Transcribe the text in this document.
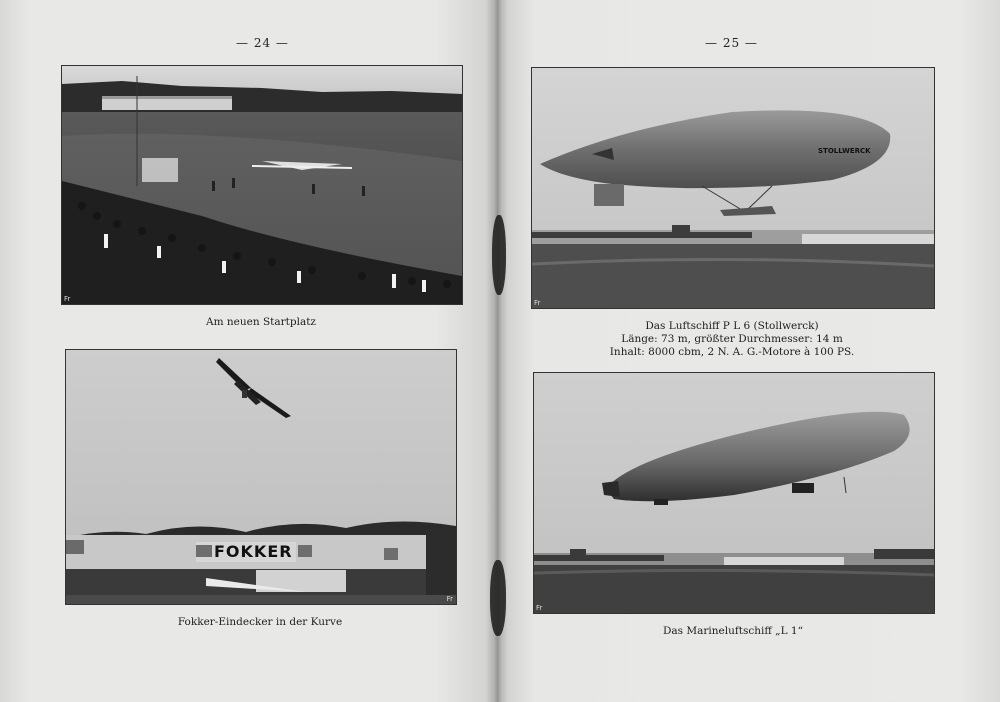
— 24 —
Fr
Am neuen Startplatz
FOKKER
Fr
Fokker-Eindecker in der Kurve
— 25 —
STOLLWERCK
Fr
Das Luftschiff P L 6 (Stollwerck)
Länge: 73 m, größter Durchmesser: 14 m
Inhalt: 8000 cbm, 2 N. A. G.-Motore à 100 PS.
Fr
Das Marineluftschiff „L 1“
